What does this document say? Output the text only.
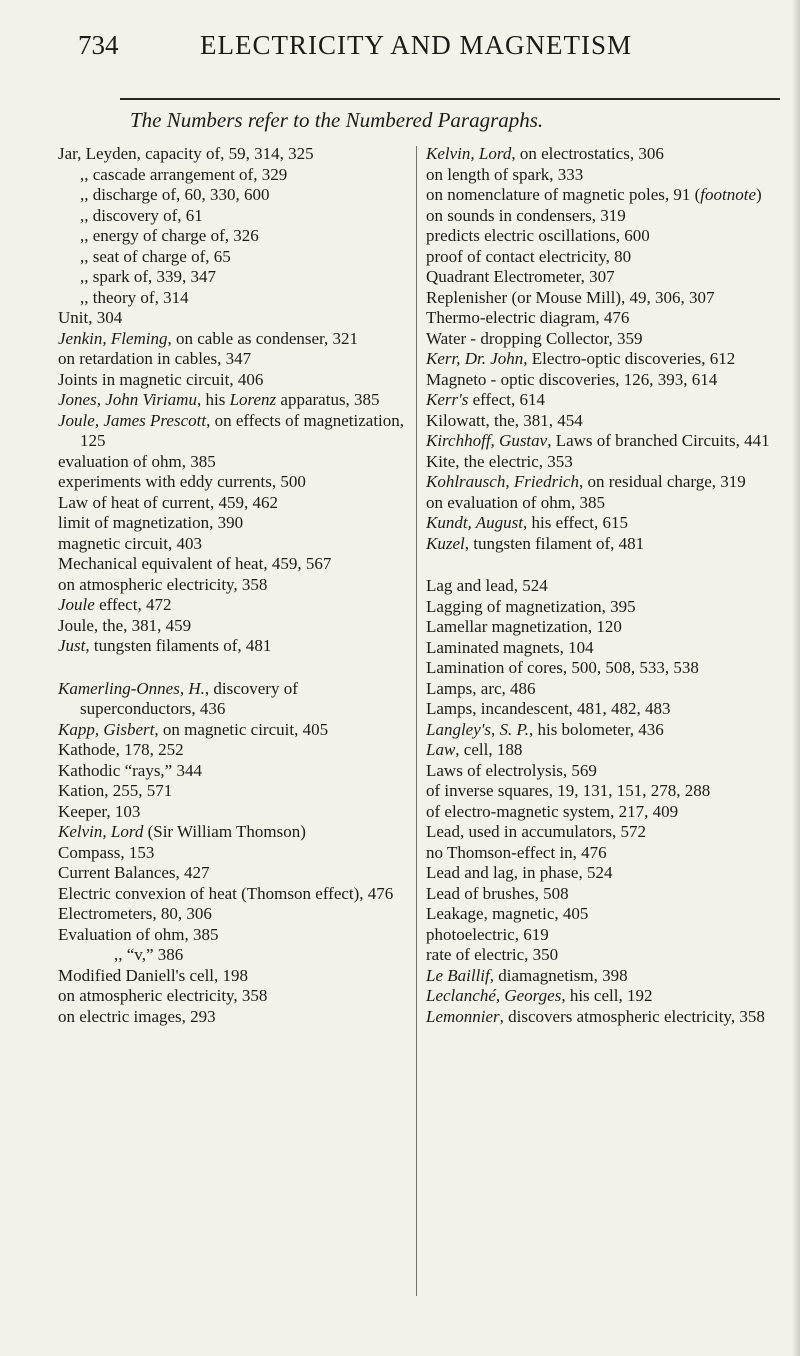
734	ELECTRICITY AND MAGNETISM
The Numbers refer to the Numbered Paragraphs.
Jar, Leyden, capacity of, 59, 314, 325
,, cascade arrangement of, 329
,, discharge of, 60, 330, 600
,, discovery of, 61
,, energy of charge of, 326
,, seat of charge of, 65
,, spark of, 339, 347
,, theory of, 314
Unit, 304
Jenkin, Fleming, on cable as condenser, 321
on retardation in cables, 347
Joints in magnetic circuit, 406
Jones, John Viriamu, his Lorenz apparatus, 385
Joule, James Prescott, on effects of magnetization, 125
evaluation of ohm, 385
experiments with eddy currents, 500
Law of heat of current, 459, 462
limit of magnetization, 390
magnetic circuit, 403
Mechanical equivalent of heat, 459, 567
on atmospheric electricity, 358
Joule effect, 472
Joule, the, 381, 459
Just, tungsten filaments of, 481
Kamerling-Onnes, H., discovery of superconductors, 436
Kapp, Gisbert, on magnetic circuit, 405
Kathode, 178, 252
Kathodic “rays,” 344
Kation, 255, 571
Keeper, 103
Kelvin, Lord (Sir William Thomson)
Compass, 153
Current Balances, 427
Electric convexion of heat (Thomson effect), 476
Electrometers, 80, 306
Evaluation of ohm, 385
,, “v,” 386
Modified Daniell's cell, 198
on atmospheric electricity, 358
on electric images, 293
Kelvin, Lord, on electrostatics, 306
on length of spark, 333
on nomenclature of magnetic poles, 91 (footnote)
on sounds in condensers, 319
predicts electric oscillations, 600
proof of contact electricity, 80
Quadrant Electrometer, 307
Replenisher (or Mouse Mill), 49, 306, 307
Thermo-electric diagram, 476
Water - dropping Collector, 359
Kerr, Dr. John, Electro-optic discoveries, 612
Magneto - optic discoveries, 126, 393, 614
Kerr's effect, 614
Kilowatt, the, 381, 454
Kirchhoff, Gustav, Laws of branched Circuits, 441
Kite, the electric, 353
Kohlrausch, Friedrich, on residual charge, 319
on evaluation of ohm, 385
Kundt, August, his effect, 615
Kuzel, tungsten filament of, 481
Lag and lead, 524
Lagging of magnetization, 395
Lamellar magnetization, 120
Laminated magnets, 104
Lamination of cores, 500, 508, 533, 538
Lamps, arc, 486
Lamps, incandescent, 481, 482, 483
Langley's, S. P., his bolometer, 436
Law, cell, 188
Laws of electrolysis, 569
of inverse squares, 19, 131, 151, 278, 288
of electro-magnetic system, 217, 409
Lead, used in accumulators, 572
no Thomson-effect in, 476
Lead and lag, in phase, 524
Lead of brushes, 508
Leakage, magnetic, 405
photoelectric, 619
rate of electric, 350
Le Baillif, diamagnetism, 398
Leclanché, Georges, his cell, 192
Lemonnier, discovers atmospheric electricity, 358
